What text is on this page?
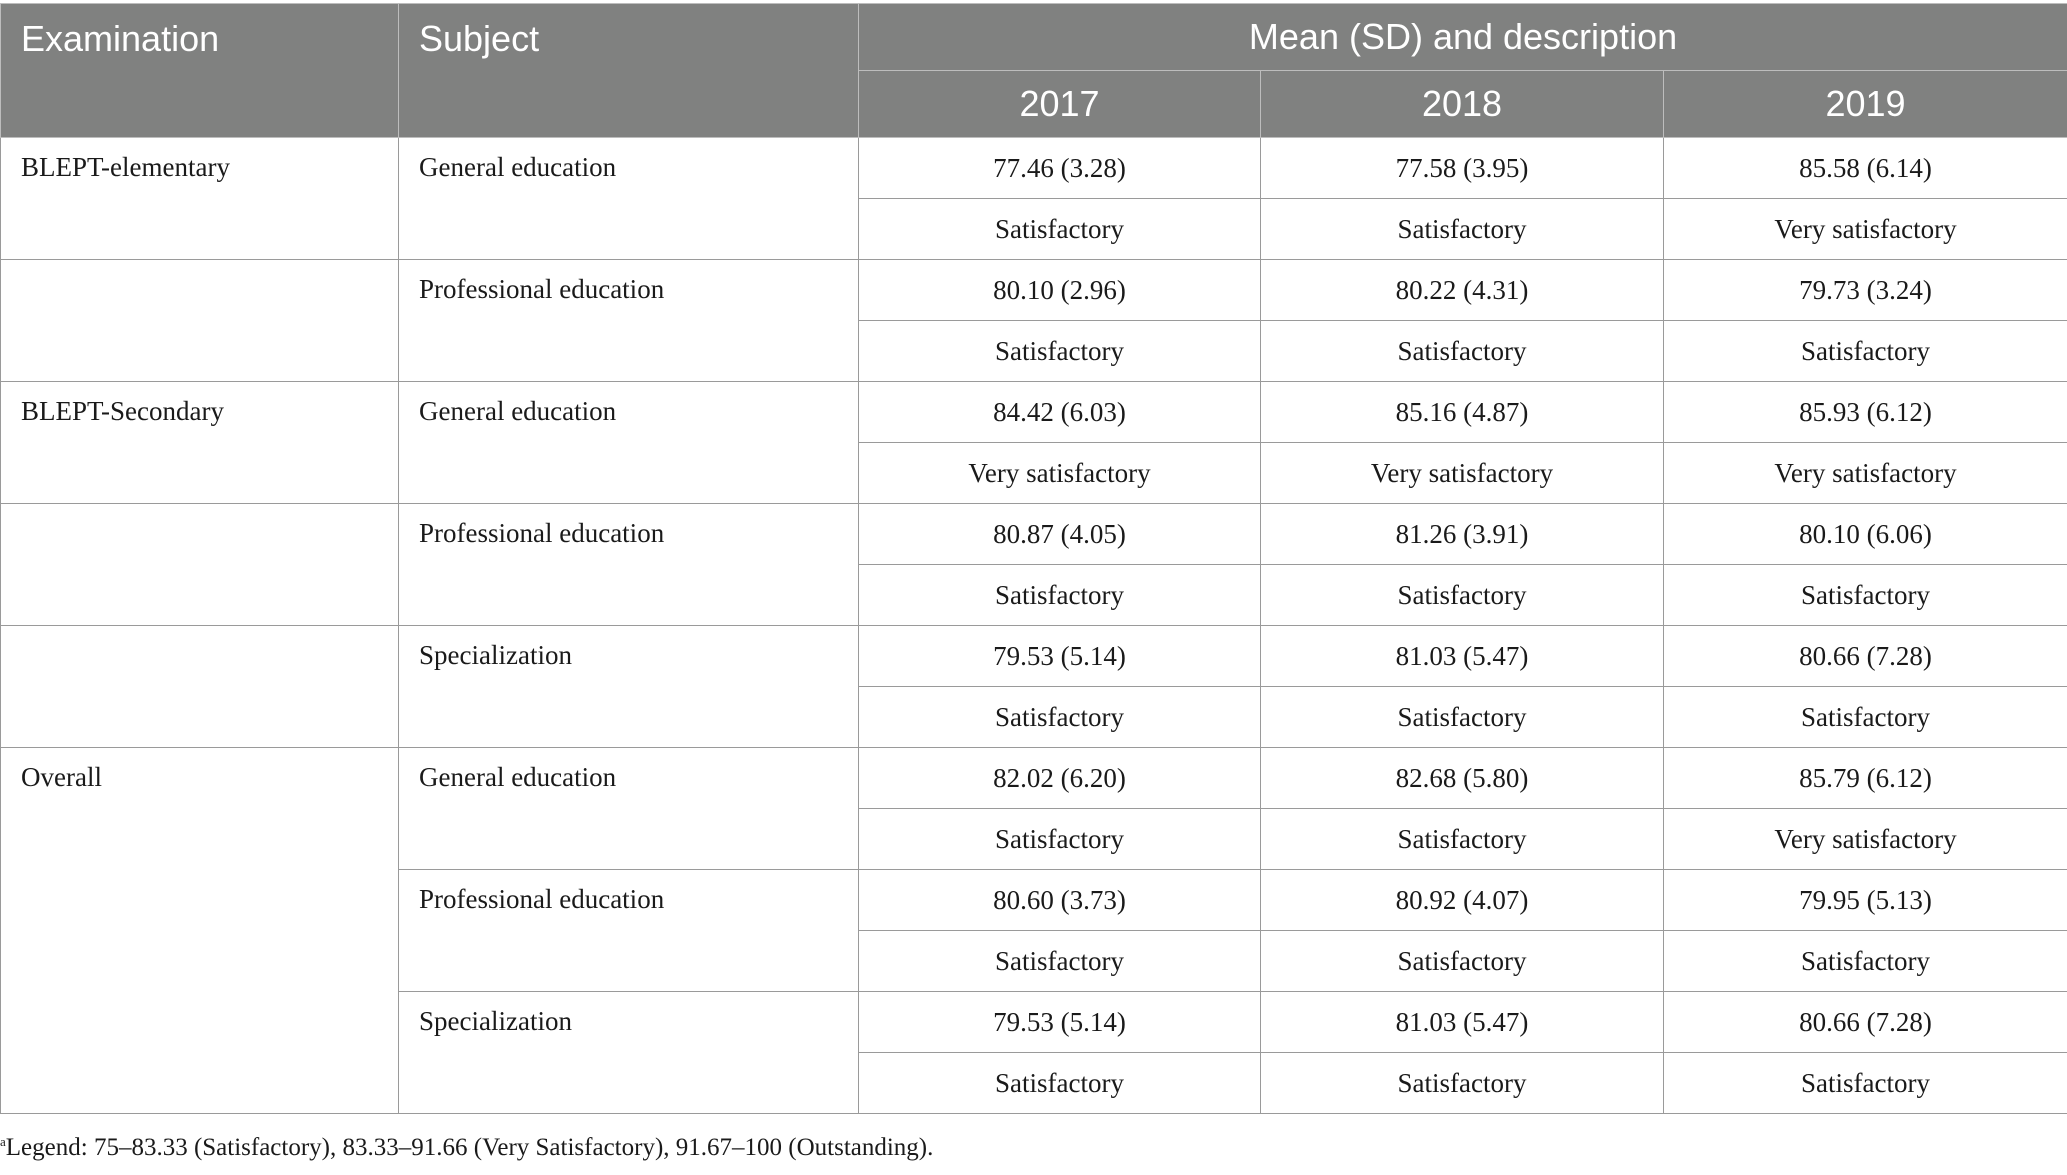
Examination	Subject	Mean (SD) and description		
		2017	2018	2019
BLEPT-elementary	General education	77.46 (3.28)	77.58 (3.95)	85.58 (6.14)
		Satisfactory	Satisfactory	Very satisfactory
	Professional education	80.10 (2.96)	80.22 (4.31)	79.73 (3.24)
		Satisfactory	Satisfactory	Satisfactory
BLEPT-Secondary	General education	84.42 (6.03)	85.16 (4.87)	85.93 (6.12)
		Very satisfactory	Very satisfactory	Very satisfactory
	Professional education	80.87 (4.05)	81.26 (3.91)	80.10 (6.06)
		Satisfactory	Satisfactory	Satisfactory
	Specialization	79.53 (5.14)	81.03 (5.47)	80.66 (7.28)
		Satisfactory	Satisfactory	Satisfactory
Overall	General education	82.02 (6.20)	82.68 (5.80)	85.79 (6.12)
		Satisfactory	Satisfactory	Very satisfactory
	Professional education	80.60 (3.73)	80.92 (4.07)	79.95 (5.13)
		Satisfactory	Satisfactory	Satisfactory
	Specialization	79.53 (5.14)	81.03 (5.47)	80.66 (7.28)
		Satisfactory	Satisfactory	Satisfactory
$^a$Legend: 75–83.33 (Satisfactory), 83.33–91.66 (Very Satisfactory), 91.67–100 (Outstanding).
